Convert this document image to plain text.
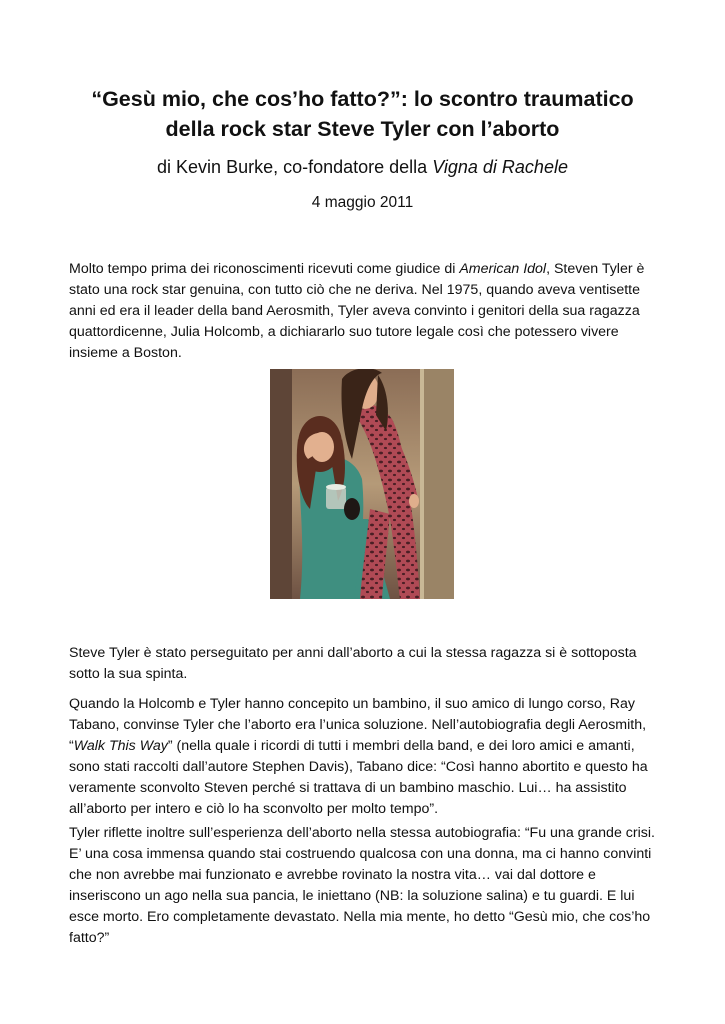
“Gesù mio, che cos’ho fatto?”: lo scontro traumatico
della rock star Steve Tyler con l’aborto

di Kevin Burke, co-fondatore della Vigna di Rachele

4 maggio 2011

Molto tempo prima dei riconoscimenti ricevuti come giudice di American Idol, Steven Tyler è stato una rock star genuina, con tutto ciò che ne deriva. Nel 1975, quando aveva ventisette anni ed era il leader della band Aerosmith, Tyler aveva convinto i genitori della sua ragazza quattordicenne, Julia Holcomb, a dichiararlo suo tutore legale così che potessero vivere insieme a Boston.

Steve Tyler è stato perseguitato per anni dall’aborto a cui la stessa ragazza si è sottoposta sotto la sua spinta.

Quando la Holcomb e Tyler hanno concepito un bambino, il suo amico di lungo corso, Ray Tabano, convinse Tyler che l’aborto era l’unica soluzione. Nell’autobiografia degli Aerosmith, “Walk This Way” (nella quale i ricordi di tutti i membri della band, e dei loro amici e amanti, sono stati raccolti dall’autore Stephen Davis), Tabano dice: “Così hanno abortito e questo ha veramente sconvolto Steven perché si trattava di un bambino maschio. Lui… ha assistito all’aborto per intero e ciò lo ha sconvolto per molto tempo”.

Tyler riflette inoltre sull’esperienza dell’aborto nella stessa autobiografia: “Fu una grande crisi. E’ una cosa immensa quando stai costruendo qualcosa con una donna, ma ci hanno convinti che non avrebbe mai funzionato e avrebbe rovinato la nostra vita… vai dal dottore e inseriscono un ago nella sua pancia, le iniettano (NB: la soluzione salina) e tu guardi. E lui esce morto. Ero completamente devastato. Nella mia mente, ho detto “Gesù mio, che cos’ho fatto?”
